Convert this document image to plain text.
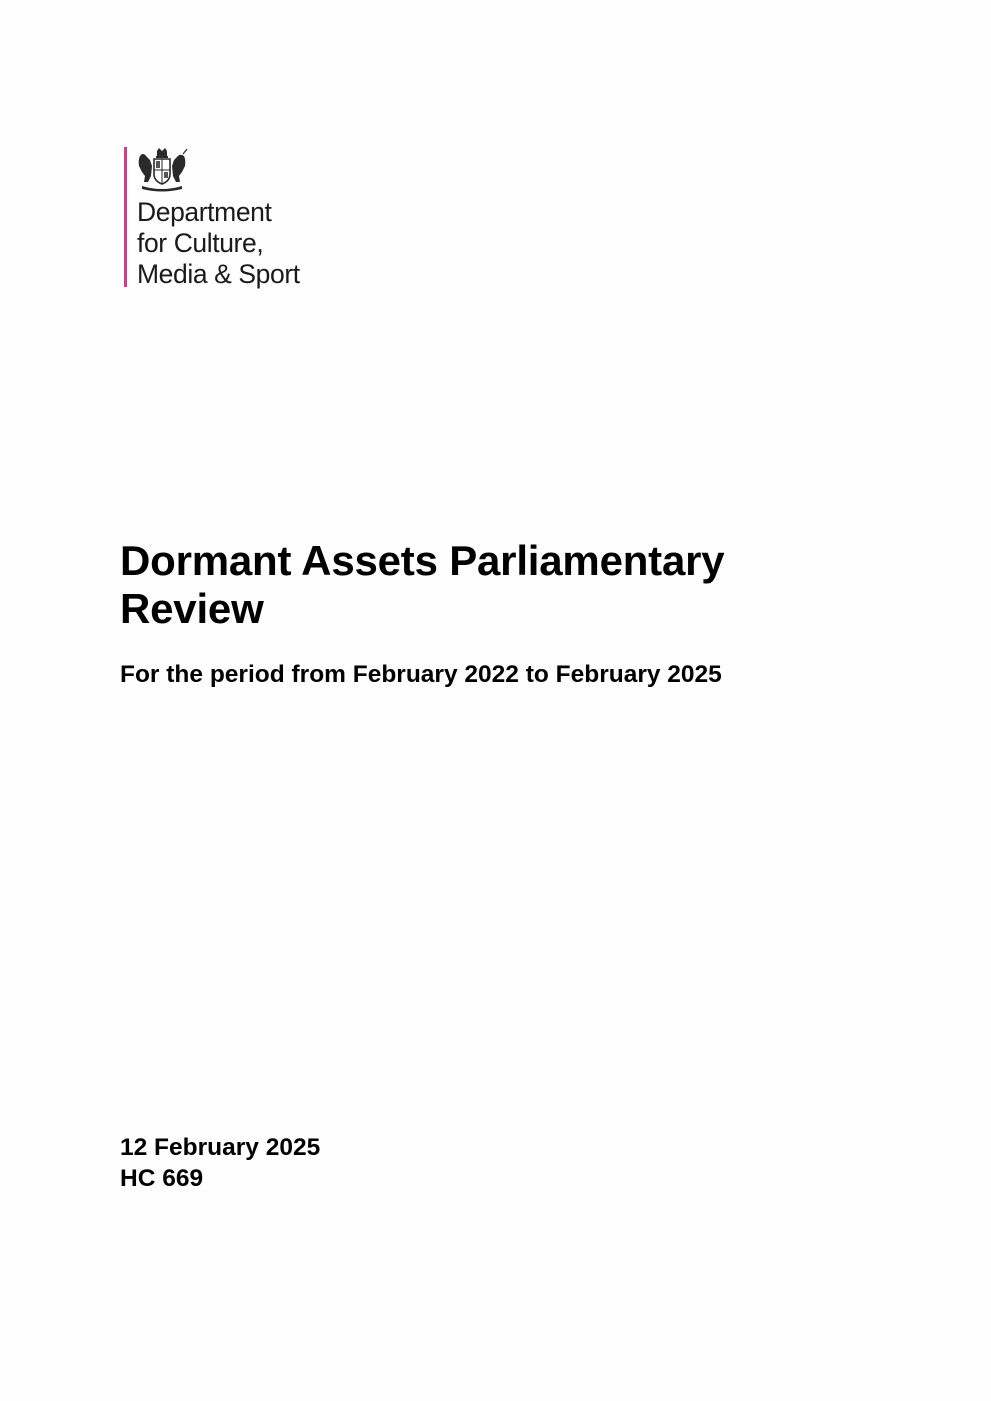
Department
for Culture,
Media & Sport
Dormant Assets Parliamentary
Review
For the period from February 2022 to February 2025
12 February 2025
HC 669
